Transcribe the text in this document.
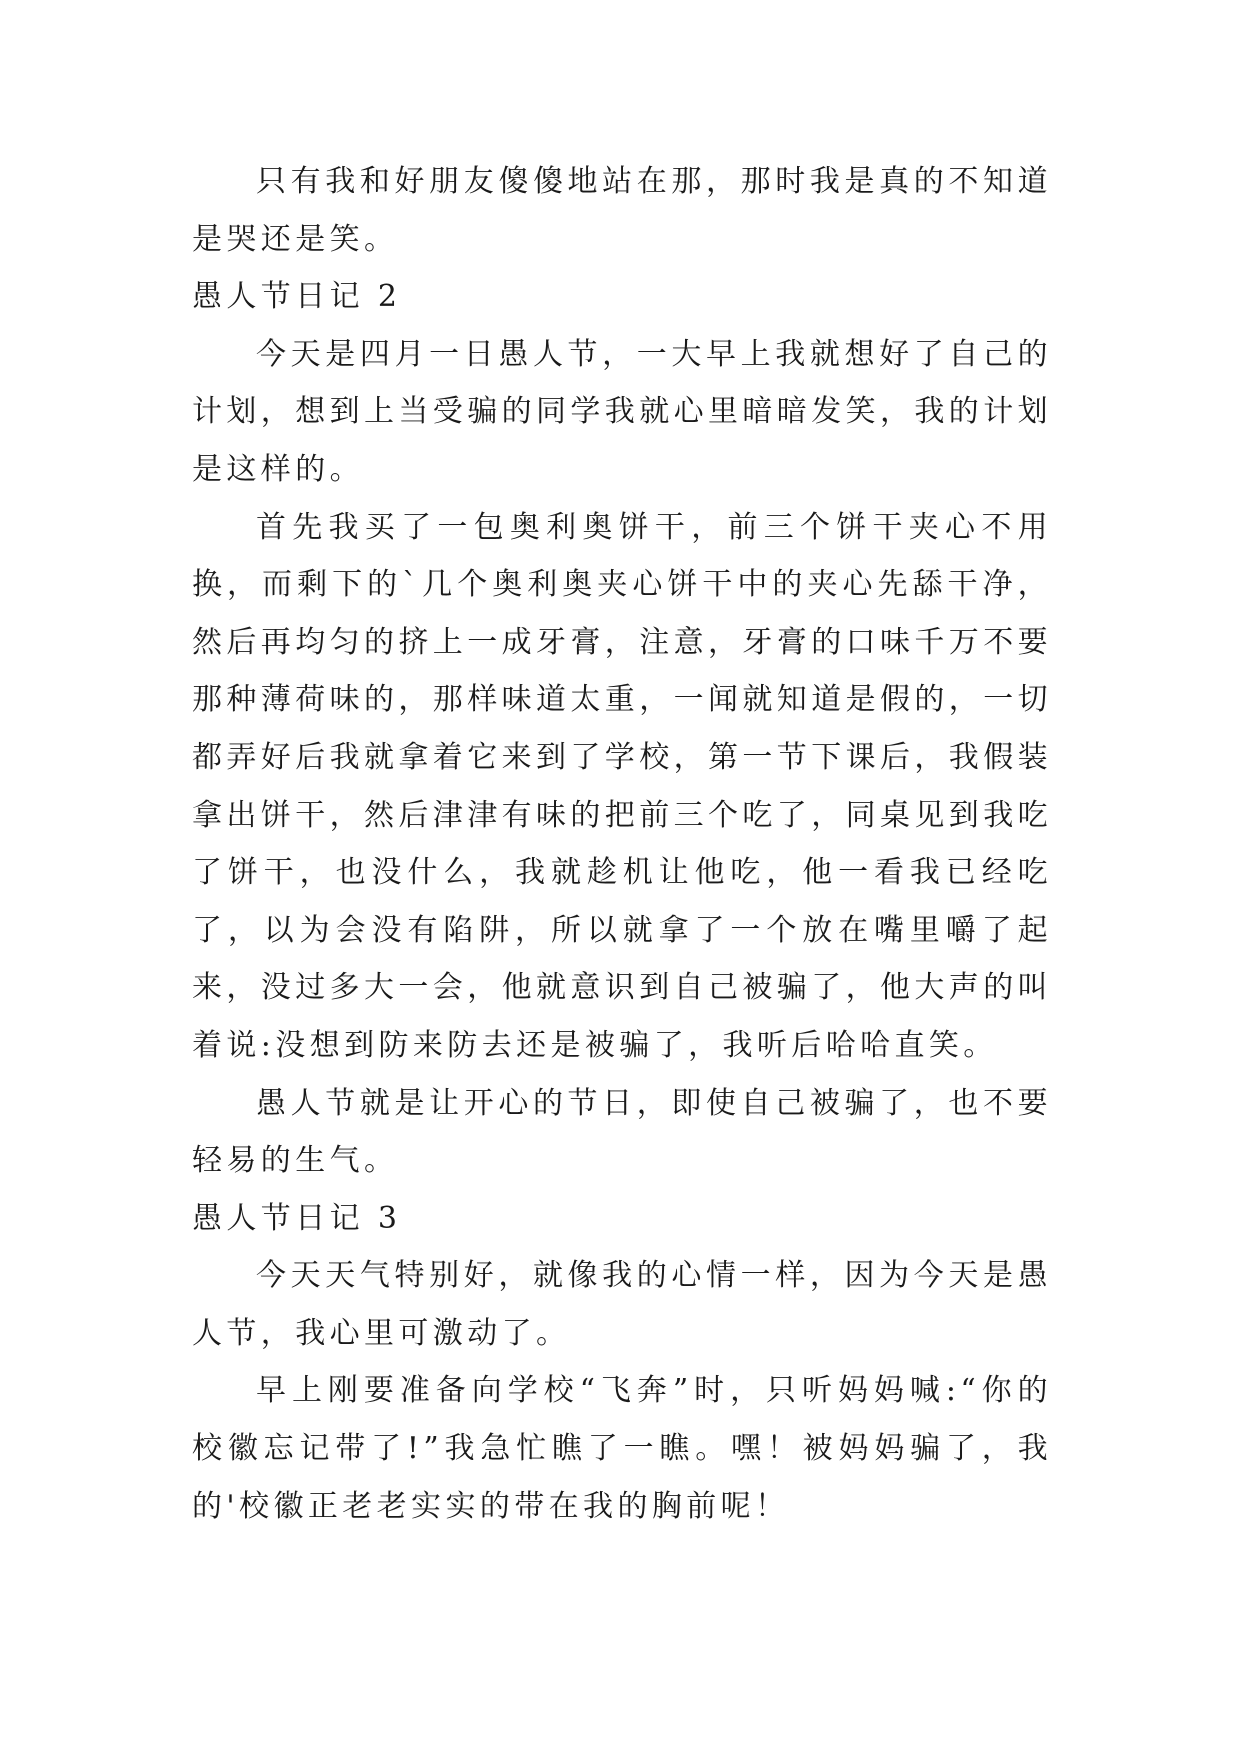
只有我和好朋友傻傻地站在那，那时我是真的不知道是哭还是笑。

愚人节日记 2

今天是四月一日愚人节，一大早上我就想好了自己的计划，想到上当受骗的同学我就心里暗暗发笑，我的计划是这样的。

首先我买了一包奥利奥饼干，前三个饼干夹心不用换，而剩下的`几个奥利奥夹心饼干中的夹心先舔干净，然后再均匀的挤上一成牙膏，注意，牙膏的口味千万不要那种薄荷味的，那样味道太重，一闻就知道是假的，一切都弄好后我就拿着它来到了学校，第一节下课后，我假装拿出饼干，然后津津有味的把前三个吃了，同桌见到我吃了饼干，也没什么，我就趁机让他吃，他一看我已经吃了，以为会没有陷阱，所以就拿了一个放在嘴里嚼了起来，没过多大一会，他就意识到自己被骗了，他大声的叫着说:没想到防来防去还是被骗了，我听后哈哈直笑。

愚人节就是让开心的节日，即使自己被骗了，也不要轻易的生气。

愚人节日记 3

今天天气特别好，就像我的心情一样，因为今天是愚人节，我心里可激动了。

早上刚要准备向学校“飞奔”时，只听妈妈喊:“你的校徽忘记带了!”我急忙瞧了一瞧。嘿！被妈妈骗了，我的'校徽正老老实实的带在我的胸前呢！
